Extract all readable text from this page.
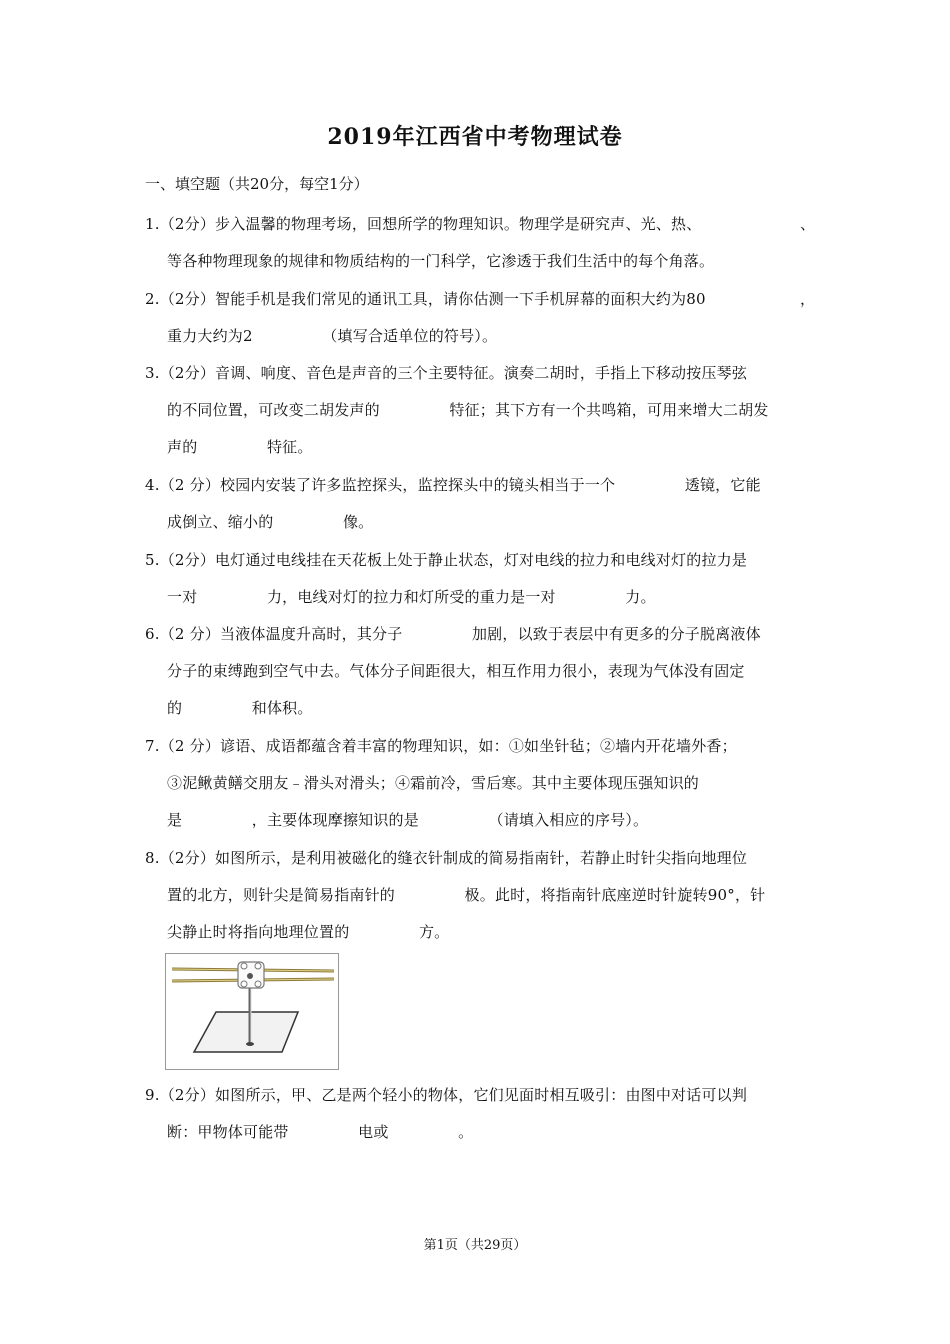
2019年江西省中考物理试卷
一、填空题（共20分，每空1分）
1.（2分）步入温馨的物理考场，回想所学的物理知识。物理学是研究声、光、热、	、
等各种物理现象的规律和物质结构的一门科学，它渗透于我们生活中的每个角落。
2.（2分）智能手机是我们常见的通讯工具，请你估测一下手机屏幕的面积大约为80	，
重力大约为2              （填写合适单位的符号）。
3.（2分）音调、响度、音色是声音的三个主要特征。演奏二胡时，手指上下移动按压琴弦
的不同位置，可改变二胡发声的              特征；其下方有一个共鸣箱，可用来增大二胡发
声的              特征。
4.（2 分）校园内安装了许多监控探头，监控探头中的镜头相当于一个              透镜，它能
成倒立、缩小的              像。
5.（2分）电灯通过电线挂在天花板上处于静止状态，灯对电线的拉力和电线对灯的拉力是
一对              力，电线对灯的拉力和灯所受的重力是一对              力。
6.（2 分）当液体温度升高时，其分子              加剧，以致于表层中有更多的分子脱离液体
分子的束缚跑到空气中去。气体分子间距很大，相互作用力很小，表现为气体没有固定
的              和体积。
7.（2 分）谚语、成语都蕴含着丰富的物理知识，如：①如坐针毡；②墙内开花墙外香；
③泥鳅黄鳝交朋友﹣滑头对滑头；④霜前冷，雪后寒。其中主要体现压强知识的
是              ，主要体现摩擦知识的是              （请填入相应的序号）。
8.（2分）如图所示，是利用被磁化的缝衣针制成的简易指南针，若静止时针尖指向地理位
置的北方，则针尖是简易指南针的              极。此时，将指南针底座逆时针旋转90°，针
尖静止时将指向地理位置的              方。
9.（2分）如图所示，甲、乙是两个轻小的物体，它们见面时相互吸引：由图中对话可以判
断：甲物体可能带              电或              。
第1页（共29页）
